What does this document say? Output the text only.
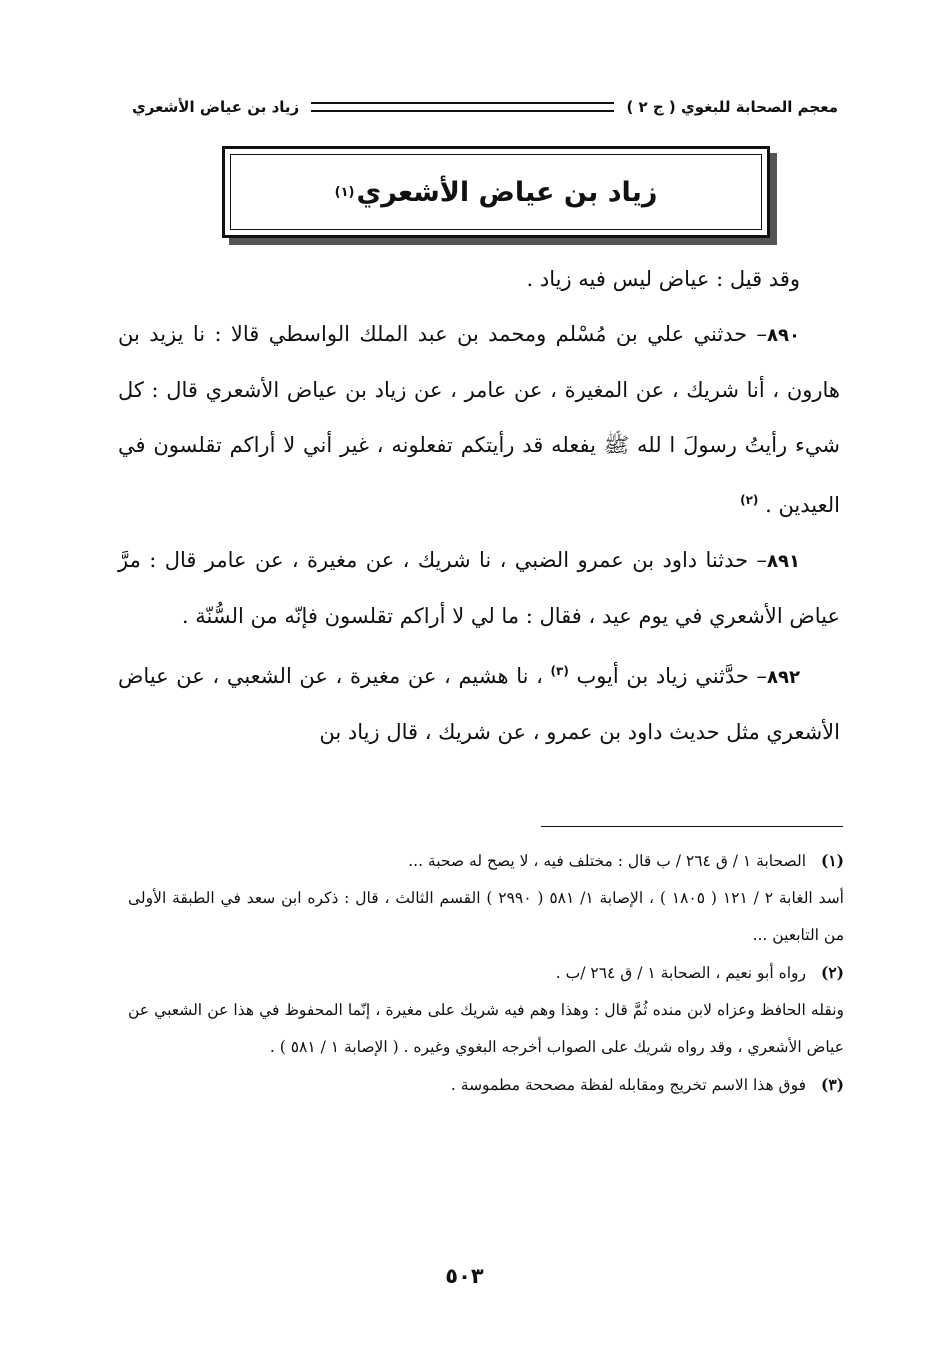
معجم الصحابة للبغوي ( ج ٢ )
زياد بن عياض الأشعري
زياد بن عياض الأشعري
(١)

وقد قيل : عياض ليس فيه زياد .

٨٩٠– حدثني علي بن مُسْلم ومحمد بن عبد الملك الواسطي قالا : نا يزيد بن هارون ، أنا شريك ، عن المغيرة ، عن عامر ، عن زياد بن عياض الأشعري قال : كل شيء رأيتُ رسولَ ا لله ﷺ يفعله قد رأيتكم تفعلونه ، غير أني لا أراكم تقلسون في العيدين . $^{(٢)}$

٨٩١– حدثنا داود بن عمرو الضبي ، نا شريك ، عن مغيرة ، عن عامر قال : مرَّ عياض الأشعري في يوم عيد ، فقال : ما لي لا أراكم تقلسون فإنّه من السُّنّة .

٨٩٢– حدَّثني زياد بن أيوب $^{(٣)}$ ، نا هشيم ، عن مغيرة ، عن الشعبي ، عن عياض الأشعري مثل حديث داود بن عمرو ، عن شريك ، قال زياد بن

(١)الصحابة ١ / ق ٢٦٤ / ب قال : مختلف فيه ، لا يصح له صحبة ...

أسد الغابة ٢ / ١٢١ ( ١٨٠٥ ) ، الإصابة ١/ ٥٨١ ( ٢٩٩٠ ) القسم الثالث ، قال : ذكره ابن سعد في الطبقة الأولى من التابعين ...

(٢)رواه أبو نعيم ، الصحابة ١ / ق ٢٦٤ /ب .

ونقله الحافظ وعزاه لابن منده ثُمَّ قال : وهذا وهم فيه شريك على مغيرة ، إنّما المحفوظ في هذا عن الشعبي عن عياض الأشعري ، وقد رواه شريك على الصواب أخرجه البغوي وغيره . ( الإصابة ١ / ٥٨١ ) .

(٣)فوق هذا الاسم تخريج ومقابله لفظة مصححة مطموسة .

٥٠٣
